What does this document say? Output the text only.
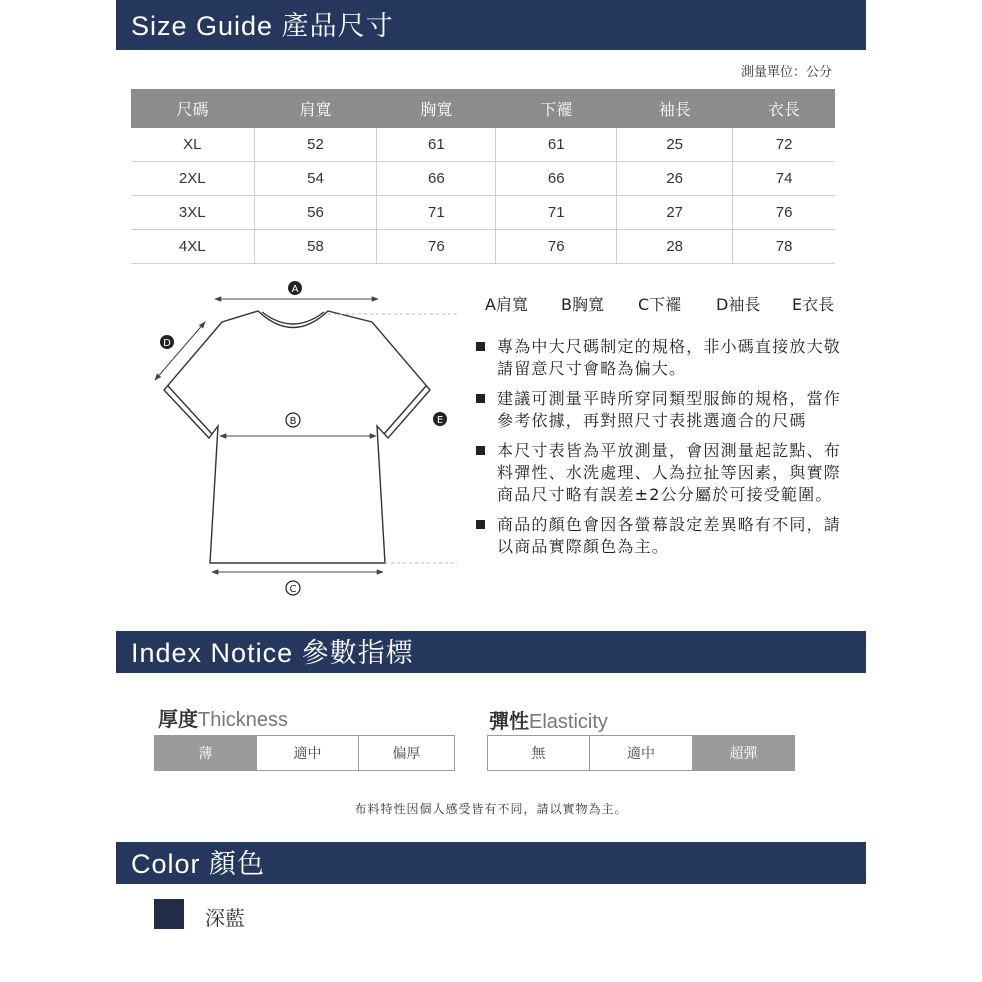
Size Guide 產品尺寸
測量單位：公分
尺碼	肩寬	胸寬	下襬	袖長	衣長
XL	52	61	61	25	72
2XL	54	66	66	26	74
3XL	56	71	71	27	76
4XL	58	76	76	28	78
A
B
C
D
E
A肩寬	B胸寬	C下襬	D袖長	E衣長
專為中大尺碼制定的規格，非小碼直接放大敬請留意尺寸會略為偏大。
建議可測量平時所穿同類型服飾的規格，當作參考依據，再對照尺寸表挑選適合的尺碼
本尺寸表皆為平放測量，會因測量起訖點、布料彈性、水洗處理、人為拉扯等因素，與實際商品尺寸略有誤差±2公分屬於可接受範圍。
商品的顏色會因各螢幕設定差異略有不同，請以商品實際顏色為主。
Index Notice 參數指標
厚度Thickness
薄	適中	偏厚
彈性Elasticity
無	適中	超彈
布料特性因個人感受皆有不同，請以實物為主。
Color 顏色
深藍
